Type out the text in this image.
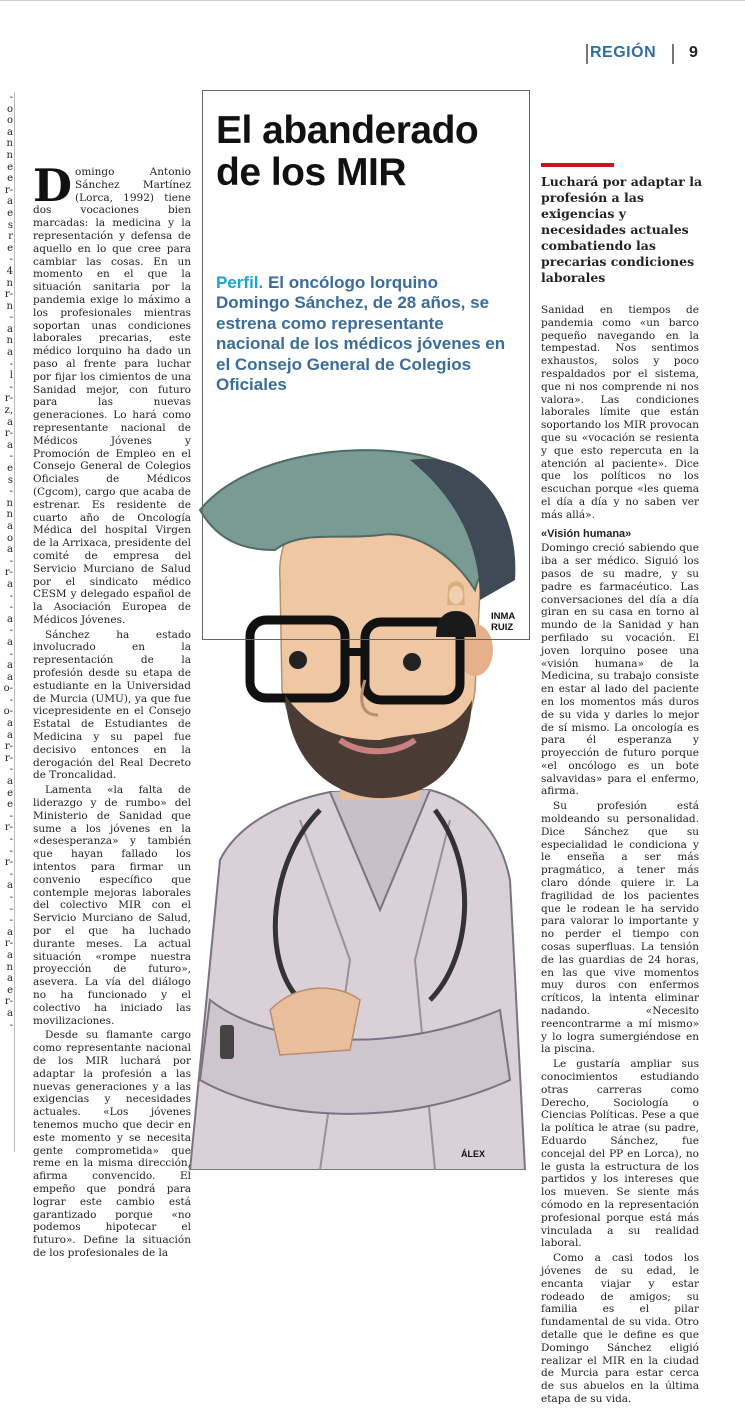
REGIÓN 9
-
o
o
a
n
n
e
e
r-
a
e
s
r
e
-
4
n
r-
n
-
a
n
a
-
l
-
r-
z,
a
r-
a
-
e
s
-
n
n
a
o
a
-
r-
a
-
-
a
-
a
-
a
a
o-
-
o-
a
a
r-
r-
-
a
e
e
-
r-
-
-
r-
-
a
-
-
-
a
r-
a
n
a
e
r-
a
-
El abanderado de los MIR
Perfil. El oncólogo lorquino Domingo Sánchez, de 28 años, se estrena como representante nacional de los médicos jóvenes en el Consejo General de Colegios Oficiales
INMA
RUIZ
Luchará por adaptar la profesión a las exigencias y necesidades actuales combatiendo las precarias condiciones laborales

Domingo Antonio Sánchez Martínez (Lorca, 1992) tiene dos vocaciones bien marcadas: la medicina y la representación y defensa de aquello en lo que cree para cambiar las cosas. En un momento en el que la situación sanitaria por la pandemia exige lo máximo a los profesionales mientras soportan unas condiciones laborales precarias, este médico lorquino ha dado un paso al frente para luchar por fijar los cimientos de una Sanidad mejor, con futuro para las nuevas generaciones. Lo hará como representante nacional de Médicos Jóvenes y Promoción de Empleo en el Consejo General de Colegios Oficiales de Médicos (Cgcom), cargo que acaba de estrenar. Es residente de cuarto año de Oncología Médica del hospital Virgen de la Arrixaca, presidente del comité de empresa del Servicio Murciano de Salud por el sindicato médico CESM y delegado español de la Asociación Europea de Médicos Jóvenes.

Sánchez ha estado involucrado en la representación de la profesión desde su etapa de estudiante en la Universidad de Murcia (UMU), ya que fue vicepresidente en el Consejo Estatal de Estudiantes de Medicina y su papel fue decisivo entonces en la derogación del Real Decreto de Troncalidad.

Lamenta «la falta de liderazgo y de rumbo» del Ministerio de Sanidad que sume a los jóvenes en la «desesperanza» y también que hayan fallado los intentos para firmar un convenio específico que contemple mejoras laborales del colectivo MIR con el Servicio Murciano de Salud, por el que ha luchado durante meses. La actual situación «rompe nuestra proyección de futuro», asevera. La vía del diálogo no ha funcionado y el colectivo ha iniciado las movilizaciones.

Desde su flamante cargo como representante nacional de los MIR luchará por adaptar la profesión a las nuevas generaciones y a las exigencias y necesidades actuales. «Los jóvenes tenemos mucho que decir en este momento y se necesita gente comprometida» que reme en la misma dirección, afirma convencido. El empeño que pondrá para lograr este cambio está garantizado porque «no podemos hipotecar el futuro». Define la situación de los profesionales de la

Sanidad en tiempos de pandemia como «un barco pequeño navegando en la tempestad. Nos sentimos exhaustos, solos y poco respaldados por el sistema, que ni nos comprende ni nos valora». Las condiciones laborales límite que están soportando los MIR provocan que su «vocación se resienta y que esto repercuta en la atención al paciente». Dice que los políticos no los escuchan porque «les quema el día a día y no saben ver más allá».

«Visión humana»

Domingo creció sabiendo que iba a ser médico. Siguió los pasos de su madre, y su padre es farmacéutico. Las conversaciones del día a día giran en su casa en torno al mundo de la Sanidad y han perfilado su vocación. El joven lorquino posee una «visión humana» de la Medicina, su trabajo consiste en estar al lado del paciente en los momentos más duros de su vida y darles lo mejor de sí mismo. La oncología es para él esperanza y proyección de futuro porque «el oncólogo es un bote salvavidas» para el enfermo, afirma.

Su profesión está moldeando su personalidad. Dice Sánchez que su especialidad le condiciona y le enseña a ser más pragmático, a tener más claro dónde quiere ir. La fragilidad de los pacientes que le rodean le ha servido para valorar lo importante y no perder el tiempo con cosas superfluas. La tensión de las guardias de 24 horas, en las que vive momentos muy duros con enfermos críticos, la intenta eliminar nadando. «Necesito reencontrarme a mí mismo» y lo logra sumergiéndose en la piscina.

Le gustaría ampliar sus conocimientos estudiando otras carreras como Derecho, Sociología o Ciencias Políticas. Pese a que la política le atrae (su padre, Eduardo Sánchez, fue concejal del PP en Lorca), no le gusta la estructura de los partidos y los intereses que los mueven. Se siente más cómodo en la representación profesional porque está más vinculada a su realidad laboral.

Como a casi todos los jóvenes de su edad, le encanta viajar y estar rodeado de amigos; su familia es el pilar fundamental de su vida. Otro detalle que le define es que Domingo Sánchez eligió realizar el MIR en la ciudad de Murcia para estar cerca de sus abuelos en la última etapa de su vida.

ÁLEX
